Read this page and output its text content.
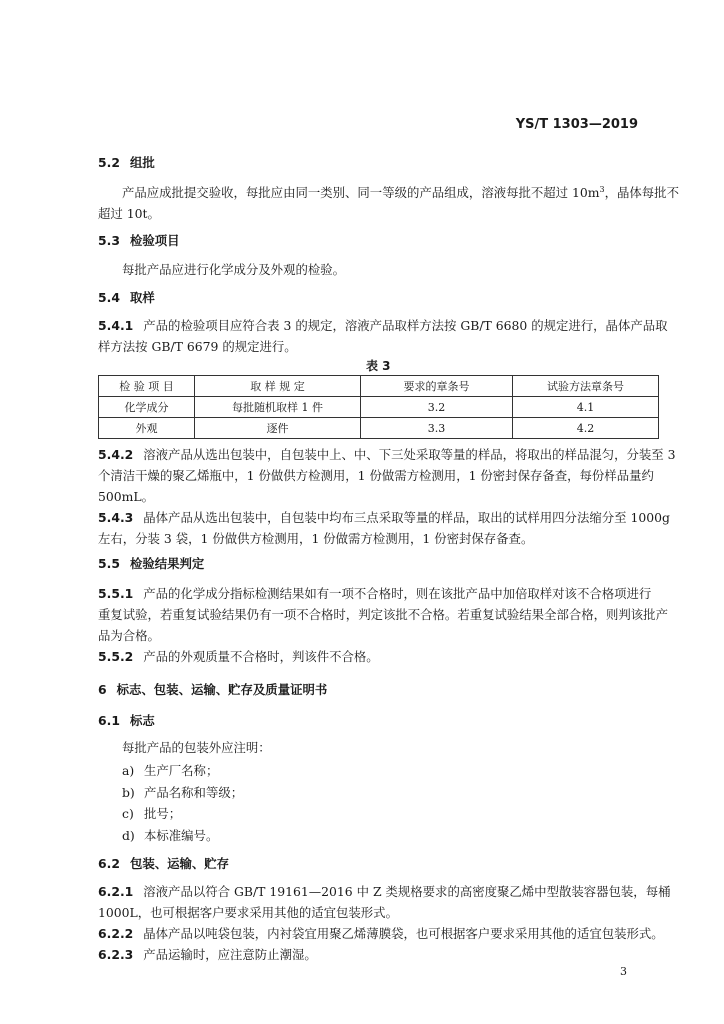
YS/T 1303—2019
5.2 组批
产品应成批提交验收，每批应由同一类别、同一等级的产品组成，溶液每批不超过 $10m^3$，晶体每批不
超过 10t。
5.3 检验项目
每批产品应进行化学成分及外观的检验。
5.4 取样
5.4.1 产品的检验项目应符合表 3 的规定，溶液产品取样方法按 GB/T 6680 的规定进行，晶体产品取
样方法按 GB/T 6679 的规定进行。
表 3
检 验 项 目	取 样 规 定	要求的章条号	试验方法章条号
化学成分	每批随机取样 1 件	3.2	4.1
外观	逐件	3.3	4.2
5.4.2 溶液产品从选出包装中，自包装中上、中、下三处采取等量的样品，将取出的样品混匀，分装至 3
个清洁干燥的聚乙烯瓶中，1 份做供方检测用，1 份做需方检测用，1 份密封保存备查，每份样品量约
500mL。
5.4.3 晶体产品从选出包装中，自包装中均布三点采取等量的样品，取出的试样用四分法缩分至 1000g
左右，分装 3 袋，1 份做供方检测用，1 份做需方检测用，1 份密封保存备查。
5.5 检验结果判定
5.5.1 产品的化学成分指标检测结果如有一项不合格时，则在该批产品中加倍取样对该不合格项进行
重复试验，若重复试验结果仍有一项不合格时，判定该批不合格。若重复试验结果全部合格，则判该批产
品为合格。
5.5.2 产品的外观质量不合格时，判该件不合格。
6 标志、包装、运输、贮存及质量证明书
6.1 标志
每批产品的包装外应注明：
a) 生产厂名称；
b) 产品名称和等级；
c) 批号；
d) 本标准编号。
6.2 包装、运输、贮存
6.2.1 溶液产品以符合 GB/T 19161—2016 中 Z 类规格要求的高密度聚乙烯中型散装容器包装，每桶
1000L，也可根据客户要求采用其他的适宜包装形式。
6.2.2 晶体产品以吨袋包装，内衬袋宜用聚乙烯薄膜袋，也可根据客户要求采用其他的适宜包装形式。
6.2.3 产品运输时，应注意防止潮湿。
3
